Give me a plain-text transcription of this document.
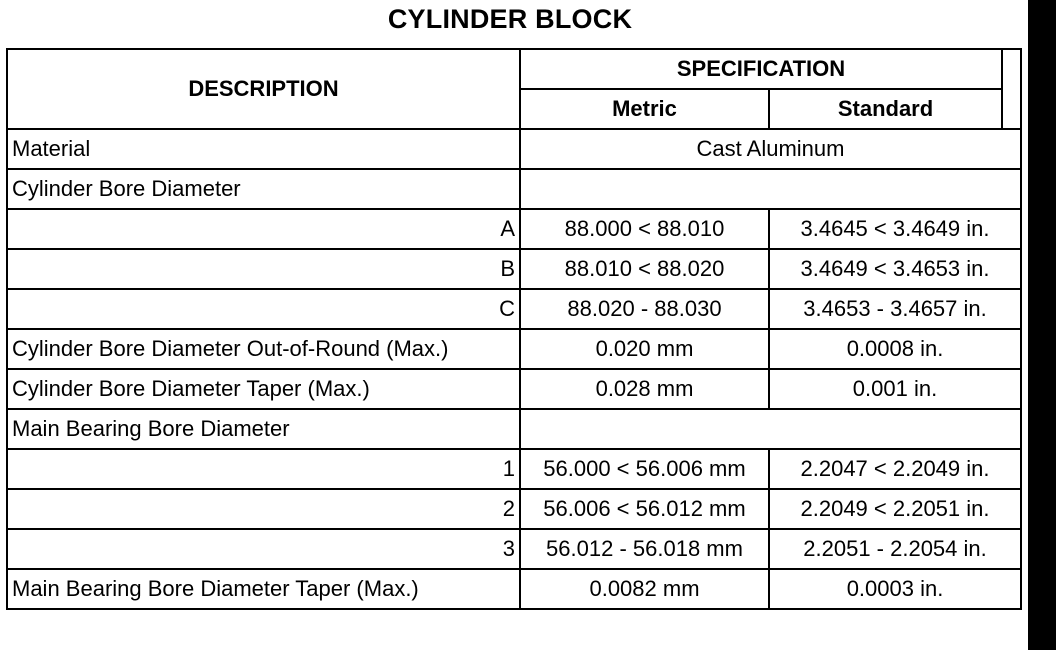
CYLINDER BLOCK
DESCRIPTION	SPECIFICATION		
	Metric	Standard	
Material	Cast Aluminum		
Cylinder Bore Diameter			
A	88.000 < 88.010	3.4645 < 3.4649 in.	
B	88.010 < 88.020	3.4649 < 3.4653 in.	
C	88.020 - 88.030	3.4653 - 3.4657 in.	
Cylinder Bore Diameter Out-of-Round (Max.)	0.020 mm	0.0008 in.	
Cylinder Bore Diameter Taper (Max.)	0.028 mm	0.001 in.	
Main Bearing Bore Diameter			
1	56.000 < 56.006 mm	2.2047 < 2.2049 in.	
2	56.006 < 56.012 mm	2.2049 < 2.2051 in.	
3	56.012 - 56.018 mm	2.2051 - 2.2054 in.	
Main Bearing Bore Diameter Taper (Max.)	0.0082 mm	0.0003 in.	
